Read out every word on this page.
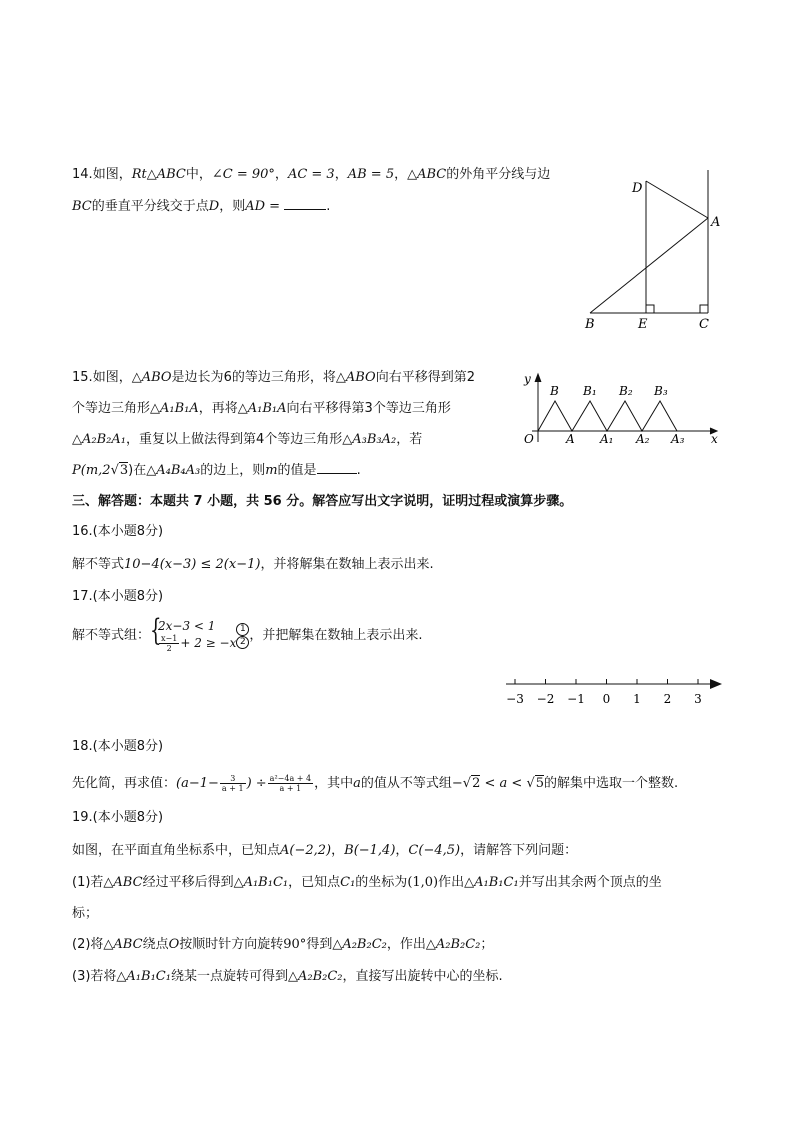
14.如图，Rt△ABC中，∠C = 90°，AC = 3，AB = 5，△ABC的外角平分线与边
BC的垂直平分线交于点D，则AD =	.
D
A
B	E	C
15.如图，△ABO是边长为6的等边三角形，将△ABO向右平移得到第2
个等边三角形△A₁B₁A，再将△A₁B₁A向右平移得第3个等边三角形
△A₂B₂A₁，重复以上做法得到第4个等边三角形△A₃B₃A₂，若
P(m,2√3)在△A₄B₄A₃的边上，则m的值是	.
y
B B₁ B₂ B₃
O	A A₁ A₂ A₃ x
三、解答题：本题共 7 小题，共 56 分。解答应写出文字说明，证明过程或演算步骤。
16.(本小题8分)
解不等式10−4(x−3) ≤ 2(x−1)，并将解集在数轴上表示出来.
17.(本小题8分)
解不等式组： {
2x−3 < 1
$\frac{x-1}{2} + 2 \ge -x \frac{1}{2}$ ，并把解集在数轴上表示出来.
−3 −2 −1 0 1 2 3
18.(本小题8分)
先化简，再求值：($a-1- \frac{3}{a + 1}$ ) ÷ $\frac{\text{a²−4a + 4}}{a + 1}$ ，其中a的值从不等式组−√2 < a < √5的解集中选取一个整数.
19.(本小题8分)
如图，在平面直角坐标系中，已知点A(−2,2)，B(−1,4)，C(−4,5)，请解答下列问题：
(1)若△ABC经过平移后得到△A₁B₁C₁，已知点C₁的坐标为(1,0)作出△A₁B₁C₁并写出其余两个顶点的坐
标；
(2)将△ABC绕点O按顺时针方向旋转90°得到△A₂B₂C₂，作出△A₂B₂C₂；
(3)若将△A₁B₁C₁绕某一点旋转可得到△A₂B₂C₂，直接写出旋转中心的坐标.
